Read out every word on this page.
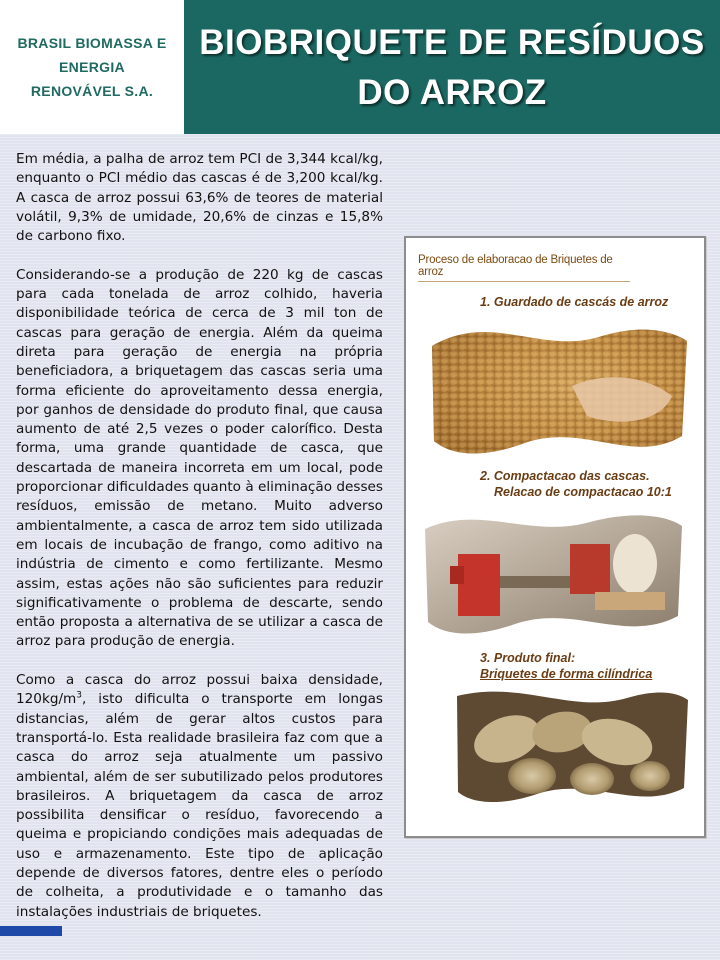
BRASIL BIOMASSA E
ENERGIA
RENOVÁVEL S.A.
BIOBRIQUETE DE RESÍDUOS
DO ARROZ

Em média, a palha de arroz tem PCI de 3,344 kcal/kg, enquanto o PCI médio das cascas é de 3,200 kcal/kg. A casca de arroz possui 63,6% de teores de material volátil, 9,3% de umidade, 20,6% de cinzas e 15,8% de carbono fixo.

Considerando-se a produção de 220 kg de cascas para cada tonelada de arroz colhido, haveria disponibilidade teórica de cerca de 3 mil ton de cascas para geração de energia. Além da queima direta para geração de energia na própria beneficiadora, a briquetagem das cascas seria uma forma eficiente do aproveitamento dessa energia, por ganhos de densidade do produto final, que causa aumento de até 2,5 vezes o poder calorífico. Desta forma, uma grande quantidade de casca, que descartada de maneira incorreta em um local, pode proporcionar dificuldades quanto à eliminação desses resíduos, emissão de metano. Muito adverso ambientalmente, a casca de arroz tem sido utilizada em locais de incubação de frango, como aditivo na indústria de cimento e como fertilizante. Mesmo assim, estas ações não são suficientes para reduzir significativamente o problema de descarte, sendo então proposta a alternativa de se utilizar a casca de arroz para produção de energia.

Como a casca do arroz possui baixa densidade, $120kg/m^3$, isto dificulta o transporte em longas distancias, além de gerar altos custos para transportá-lo. Esta realidade brasileira faz com que a casca do arroz seja atualmente um passivo ambiental, além de ser subutilizado pelos produtores brasileiros. A briquetagem da casca de arroz possibilita densificar o resíduo, favorecendo a queima e propiciando condições mais adequadas de uso e armazenamento. Este tipo de aplicação depende de diversos fatores, dentre eles o período de colheita, a produtividade e o tamanho das instalações industriais de briquetes.

Proceso de elaboracao de Briquetes de arroz
1. Guardado de cascás de arroz
2. Compactacao das cascas.
Relacao de compactacao 10:1
3. Produto final:
Briquetes de forma cilíndrica
